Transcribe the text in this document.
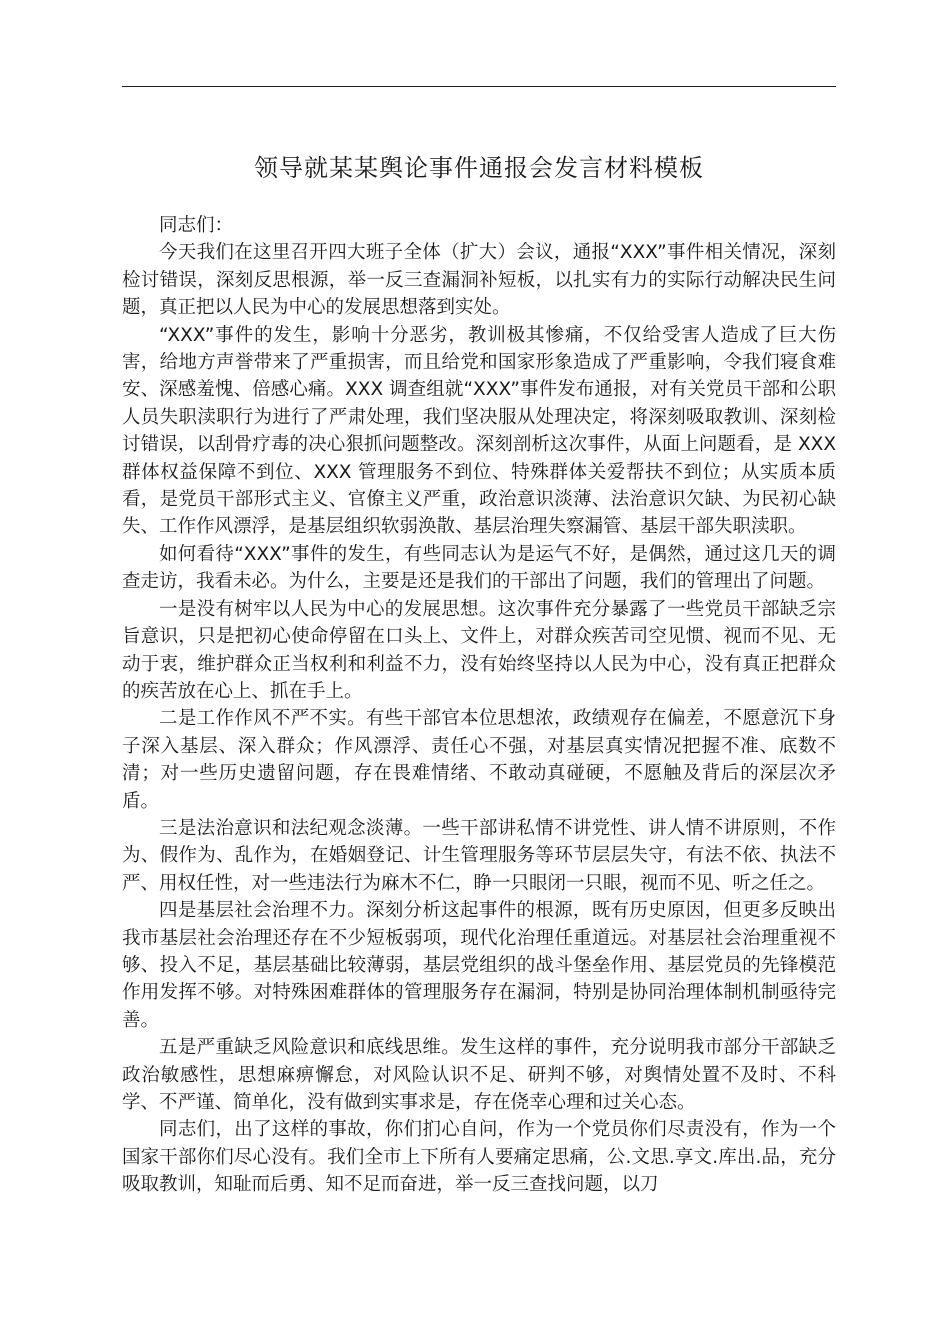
领导就某某舆论事件通报会发言材料模板

同志们：

今天我们在这里召开四大班子全体（扩大）会议，通报“XXX”事件相关情况，深刻检讨错误，深刻反思根源，举一反三查漏洞补短板，以扎实有力的实际行动解决民生问题，真正把以人民为中心的发展思想落到实处。

“XXX”事件的发生，影响十分恶劣，教训极其惨痛，不仅给受害人造成了巨大伤害，给地方声誉带来了严重损害，而且给党和国家形象造成了严重影响，令我们寝食难安、深感羞愧、倍感心痛。XXX 调查组就“XXX”事件发布通报，对有关党员干部和公职人员失职渎职行为进行了严肃处理，我们坚决服从处理决定，将深刻吸取教训、深刻检讨错误，以刮骨疗毒的决心狠抓问题整改。深刻剖析这次事件，从面上问题看，是 XXX 群体权益保障不到位、XXX 管理服务不到位、特殊群体关爱帮扶不到位；从实质本质看，是党员干部形式主义、官僚主义严重，政治意识淡薄、法治意识欠缺、为民初心缺失、工作作风漂浮，是基层组织软弱涣散、基层治理失察漏管、基层干部失职渎职。

如何看待“XXX”事件的发生，有些同志认为是运气不好，是偶然，通过这几天的调查走访，我看未必。为什么，主要是还是我们的干部出了问题，我们的管理出了问题。

一是没有树牢以人民为中心的发展思想。这次事件充分暴露了一些党员干部缺乏宗旨意识，只是把初心使命停留在口头上、文件上，对群众疾苦司空见惯、视而不见、无动于衷，维护群众正当权利和利益不力，没有始终坚持以人民为中心，没有真正把群众的疾苦放在心上、抓在手上。

二是工作作风不严不实。有些干部官本位思想浓，政绩观存在偏差，不愿意沉下身子深入基层、深入群众；作风漂浮、责任心不强，对基层真实情况把握不准、底数不清；对一些历史遗留问题，存在畏难情绪、不敢动真碰硬，不愿触及背后的深层次矛盾。

三是法治意识和法纪观念淡薄。一些干部讲私情不讲党性、讲人情不讲原则，不作为、假作为、乱作为，在婚姻登记、计生管理服务等环节层层失守，有法不依、执法不严、用权任性，对一些违法行为麻木不仁，睁一只眼闭一只眼，视而不见、听之任之。

四是基层社会治理不力。深刻分析这起事件的根源，既有历史原因，但更多反映出我市基层社会治理还存在不少短板弱项，现代化治理任重道远。对基层社会治理重视不够、投入不足，基层基础比较薄弱，基层党组织的战斗堡垒作用、基层党员的先锋模范作用发挥不够。对特殊困难群体的管理服务存在漏洞，特别是协同治理体制机制亟待完善。

五是严重缺乏风险意识和底线思维。发生这样的事件，充分说明我市部分干部缺乏政治敏感性，思想麻痹懈怠，对风险认识不足、研判不够，对舆情处置不及时、不科学、不严谨、简单化，没有做到实事求是，存在侥幸心理和过关心态。

同志们，出了这样的事故，你们扪心自问，作为一个党员你们尽责没有，作为一个国家干部你们尽心没有。我们全市上下所有人要痛定思痛，公.文思.享文.库出.品，充分吸取教训，知耻而后勇、知不足而奋进，举一反三查找问题，以刀
